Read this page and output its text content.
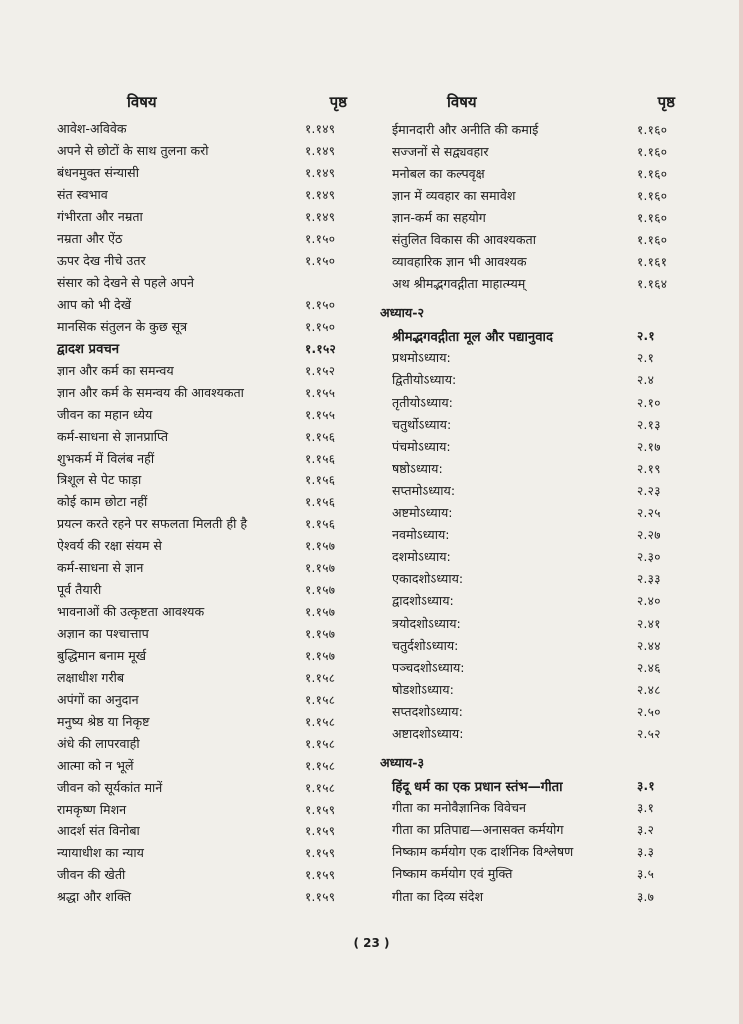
विषय	पृष्ठ
आवेश-अविवेक	१.१४९
अपने से छोटों के साथ तुलना करो	१.१४९
बंधनमुक्त संन्यासी	१.१४९
संत स्वभाव	१.१४९
गंभीरता और नम्रता	१.१४९
नम्रता और ऐंठ	१.१५०
ऊपर देख नीचे उतर	१.१५०
संसार को देखने से पहले अपने
आप को भी देखें	१.१५०
मानसिक संतुलन के कुछ सूत्र	१.१५०
द्वादश प्रवचन	१.१५२
ज्ञान और कर्म का समन्वय	१.१५२
ज्ञान और कर्म के समन्वय की आवश्यकता	१.१५५
जीवन का महान ध्येय	१.१५५
कर्म-साधना से ज्ञानप्राप्ति	१.१५६
शुभकर्म में विलंब नहीं	१.१५६
त्रिशूल से पेट फाड़ा	१.१५६
कोई काम छोटा नहीं	१.१५६
प्रयत्न करते रहने पर सफलता मिलती ही है	१.१५६
ऐश्वर्य की रक्षा संयम से	१.१५७
कर्म-साधना से ज्ञान	१.१५७
पूर्व तैयारी	१.१५७
भावनाओं की उत्कृष्टता आवश्यक	१.१५७
अज्ञान का पश्चात्ताप	१.१५७
बुद्धिमान बनाम मूर्ख	१.१५७
लक्षाधीश गरीब	१.१५८
अपंगों का अनुदान	१.१५८
मनुष्य श्रेष्ठ या निकृष्ट	१.१५८
अंधे की लापरवाही	१.१५८
आत्मा को न भूलें	१.१५८
जीवन को सूर्यकांत मानें	१.१५८
रामकृष्ण मिशन	१.१५९
आदर्श संत विनोबा	१.१५९
न्यायाधीश का न्याय	१.१५९
जीवन की खेती	१.१५९
श्रद्धा और शक्ति	१.१५९
विषय	पृष्ठ
ईमानदारी और अनीति की कमाई	१.१६०
सज्जनों से सद्व्यवहार	१.१६०
मनोबल का कल्पवृक्ष	१.१६०
ज्ञान में व्यवहार का समावेश	१.१६०
ज्ञान-कर्म का सहयोग	१.१६०
संतुलित विकास की आवश्यकता	१.१६०
व्यावहारिक ज्ञान भी आवश्यक	१.१६१
अथ श्रीमद्भगवद्गीता माहात्म्यम्	१.१६४
अध्याय-२
श्रीमद्भगवद्गीता मूल और पद्यानुवाद	२.१
प्रथमोऽध्याय:	२.१
द्वितीयोऽध्याय:	२.४
तृतीयोऽध्याय:	२.१०
चतुर्थोऽध्याय:	२.१३
पंचमोऽध्याय:	२.१७
षष्ठोऽध्याय:	२.१९
सप्तमोऽध्याय:	२.२३
अष्टमोऽध्याय:	२.२५
नवमोऽध्याय:	२.२७
दशमोऽध्याय:	२.३०
एकादशोऽध्याय:	२.३३
द्वादशोऽध्याय:	२.४०
त्रयोदशोऽध्याय:	२.४१
चतुर्दशोऽध्याय:	२.४४
पञ्चदशोऽध्याय:	२.४६
षोडशोऽध्याय:	२.४८
सप्तदशोऽध्याय:	२.५०
अष्टादशोऽध्याय:	२.५२
अध्याय-३
हिंदू धर्म का एक प्रधान स्तंभ—गीता	३.१
गीता का मनोवैज्ञानिक विवेचन	३.१
गीता का प्रतिपाद्य—अनासक्त कर्मयोग	३.२
निष्काम कर्मयोग एक दार्शनिक विश्लेषण	३.३
निष्काम कर्मयोग एवं मुक्ति	३.५
गीता का दिव्य संदेश	३.७
( 23 )
